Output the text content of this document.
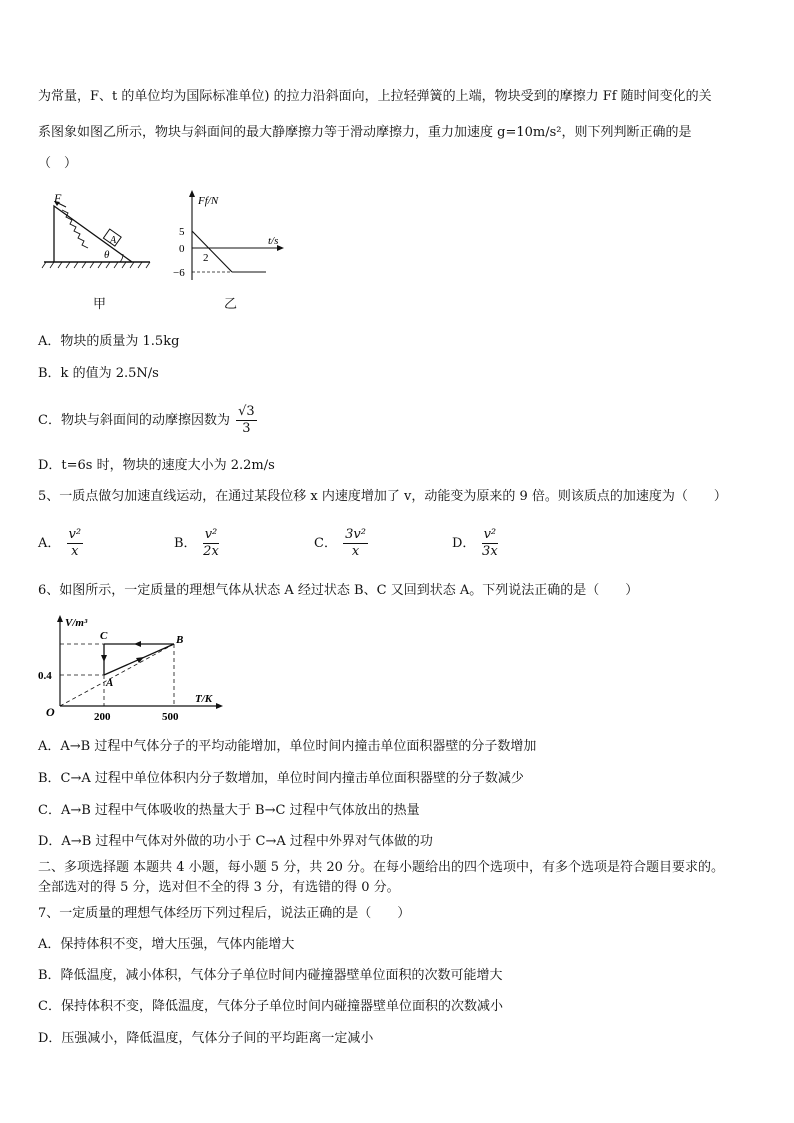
为常量，F、t 的单位均为国际标准单位) 的拉力沿斜面向，上拉轻弹簧的上端，物块受到的摩擦力 Ff 随时间变化的关
系图象如图乙所示，物块与斜面间的最大静摩擦力等于滑动摩擦力，重力加速度 g=10m/s²，则下列判断正确的是
（　）
F
A
θ
甲
Ff/N
t/s
5
0
−6
2
乙
A．物块的质量为 1.5kg
B．k 的值为 2.5N/s
C．物块与斜面间的动摩擦因数为 $\frac{√3}{3}$
D．t=6s 时，物块的速度大小为 2.2m/s
5、一质点做匀加速直线运动，在通过某段位移 x 内速度增加了 v，动能变为原来的 9 倍。则该质点的加速度为（　　）
A． $\frac{\text{v²}}{x}$	B． $\frac{\text{v²}}{2x}$	C． $\frac{\text{3v²}}{x}$	D． $\frac{\text{v²}}{3x}$
6、如图所示，一定质量的理想气体从状态 A 经过状态 B、C 又回到状态 A。下列说法正确的是（　　）
V/m³
T/K
O
0.4
200	500
A
B
C
A．A→B 过程中气体分子的平均动能增加，单位时间内撞击单位面积器壁的分子数增加
B．C→A 过程中单位体积内分子数增加，单位时间内撞击单位面积器壁的分子数减少
C．A→B 过程中气体吸收的热量大于 B→C 过程中气体放出的热量
D．A→B 过程中气体对外做的功小于 C→A 过程中外界对气体做的功
二、多项选择题 本题共 4 小题，每小题 5 分，共 20 分。在每小题给出的四个选项中，有多个选项是符合题目要求的。
全部选对的得 5 分，选对但不全的得 3 分，有选错的得 0 分。
7、一定质量的理想气体经历下列过程后，说法正确的是（　　）
A．保持体积不变，增大压强，气体内能增大
B．降低温度，减小体积，气体分子单位时间内碰撞器壁单位面积的次数可能增大
C．保持体积不变，降低温度，气体分子单位时间内碰撞器壁单位面积的次数减小
D．压强减小，降低温度，气体分子间的平均距离一定减小
